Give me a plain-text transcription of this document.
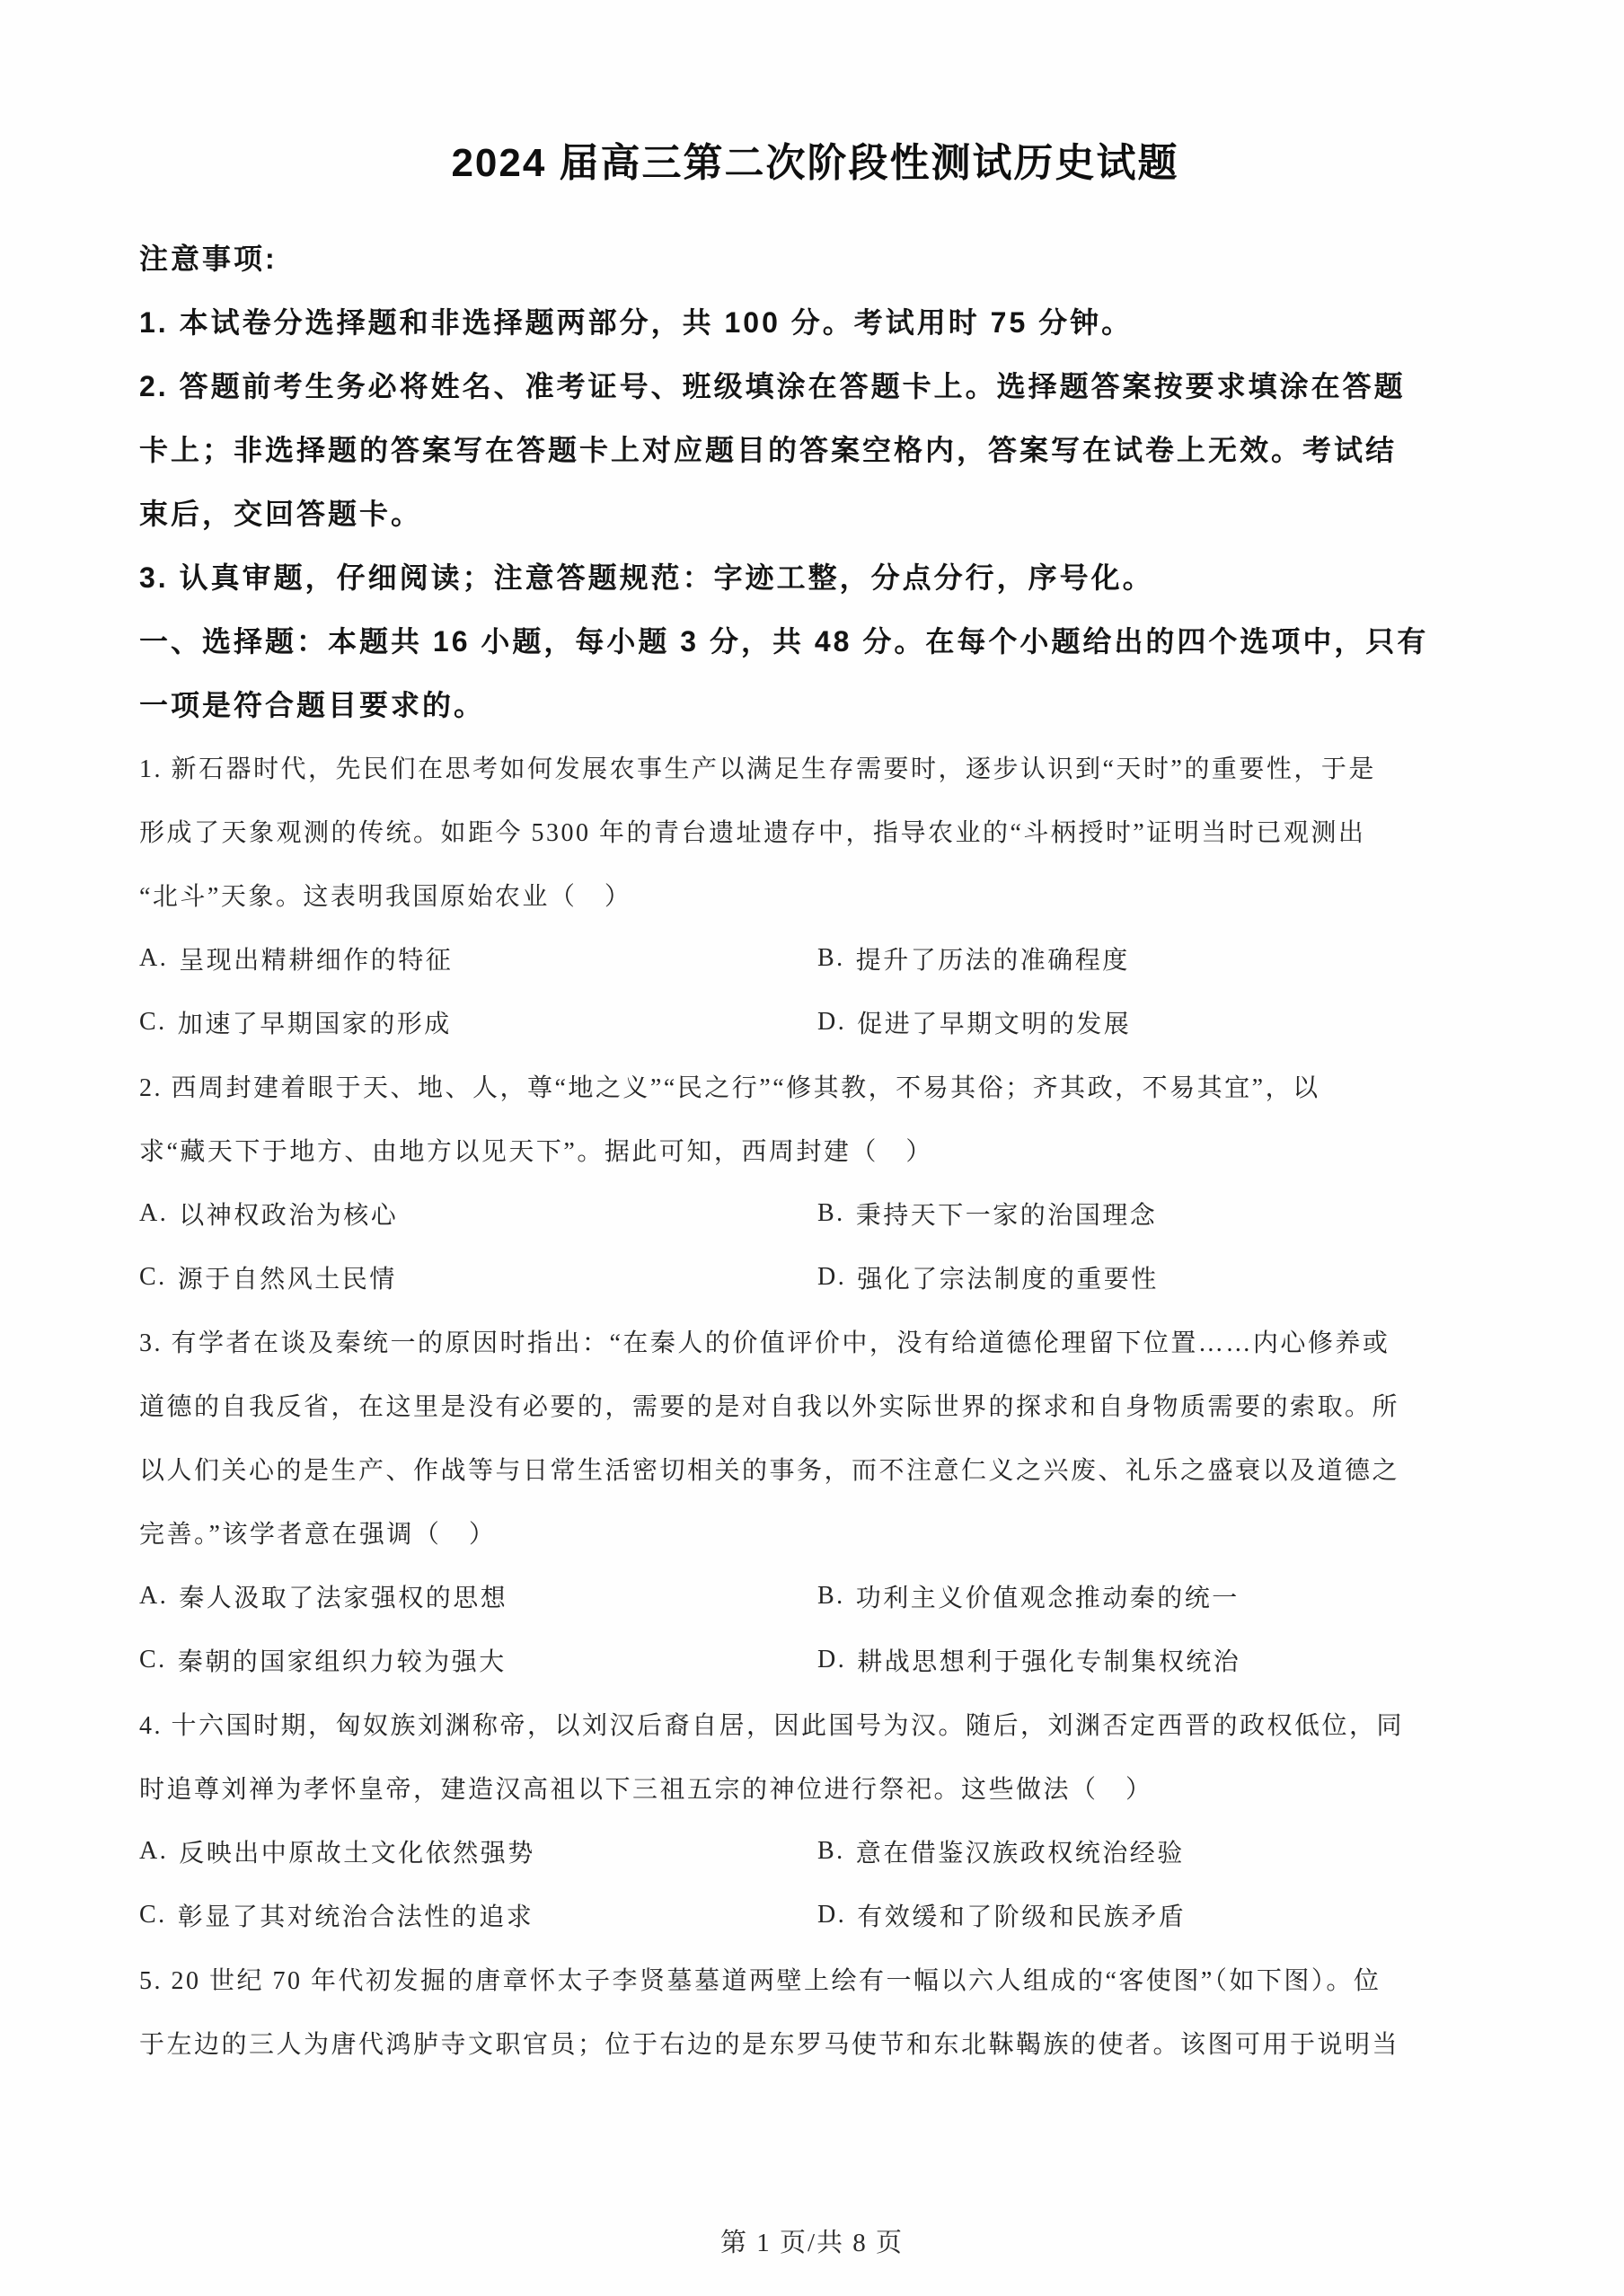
2024 届高三第二次阶段性测试历史试题
注意事项:
1. 本试卷分选择题和非选择题两部分，共 100 分。考试用时 75 分钟。
2. 答题前考生务必将姓名、准考证号、班级填涂在答题卡上。选择题答案按要求填涂在答题
卡上；非选择题的答案写在答题卡上对应题目的答案空格内，答案写在试卷上无效。考试结
束后，交回答题卡。
3. 认真审题，仔细阅读；注意答题规范：字迹工整，分点分行，序号化。
一、选择题：本题共 16 小题，每小题 3 分，共 48 分。在每个小题给出的四个选项中，只有
一项是符合题目要求的。
1. 新石器时代，先民们在思考如何发展农事生产以满足生存需要时，逐步认识到“天时”的重要性，于是
形成了天象观测的传统。如距今 5300 年的青台遗址遗存中，指导农业的“斗柄授时”证明当时已观测出
“北斗”天象。这表明我国原始农业（　）
A. 呈现出精耕细作的特征	B. 提升了历法的准确程度
C. 加速了早期国家的形成	D. 促进了早期文明的发展
2. 西周封建着眼于天、地、人，尊“地之义”“民之行”“修其教，不易其俗；齐其政，不易其宜”，以
求“藏天下于地方、由地方以见天下”。据此可知，西周封建（　）
A. 以神权政治为核心	B. 秉持天下一家的治国理念
C. 源于自然风土民情	D. 强化了宗法制度的重要性
3. 有学者在谈及秦统一的原因时指出：“在秦人的价值评价中，没有给道德伦理留下位置……内心修养或
道德的自我反省，在这里是没有必要的，需要的是对自我以外实际世界的探求和自身物质需要的索取。所
以人们关心的是生产、作战等与日常生活密切相关的事务，而不注意仁义之兴废、礼乐之盛衰以及道德之
完善。”该学者意在强调（　）
A. 秦人汲取了法家强权的思想	B. 功利主义价值观念推动秦的统一
C. 秦朝的国家组织力较为强大	D. 耕战思想利于强化专制集权统治
4. 十六国时期，匈奴族刘渊称帝，以刘汉后裔自居，因此国号为汉。随后，刘渊否定西晋的政权低位，同
时追尊刘禅为孝怀皇帝，建造汉高祖以下三祖五宗的神位进行祭祀。这些做法（　）
A. 反映出中原故土文化依然强势	B. 意在借鉴汉族政权统治经验
C. 彰显了其对统治合法性的追求	D. 有效缓和了阶级和民族矛盾
5. 20 世纪 70 年代初发掘的唐章怀太子李贤墓墓道两壁上绘有一幅以六人组成的“客使图”（如下图）。位
于左边的三人为唐代鸿胪寺文职官员；位于右边的是东罗马使节和东北靺鞨族的使者。该图可用于说明当
第 1 页/共 8 页
